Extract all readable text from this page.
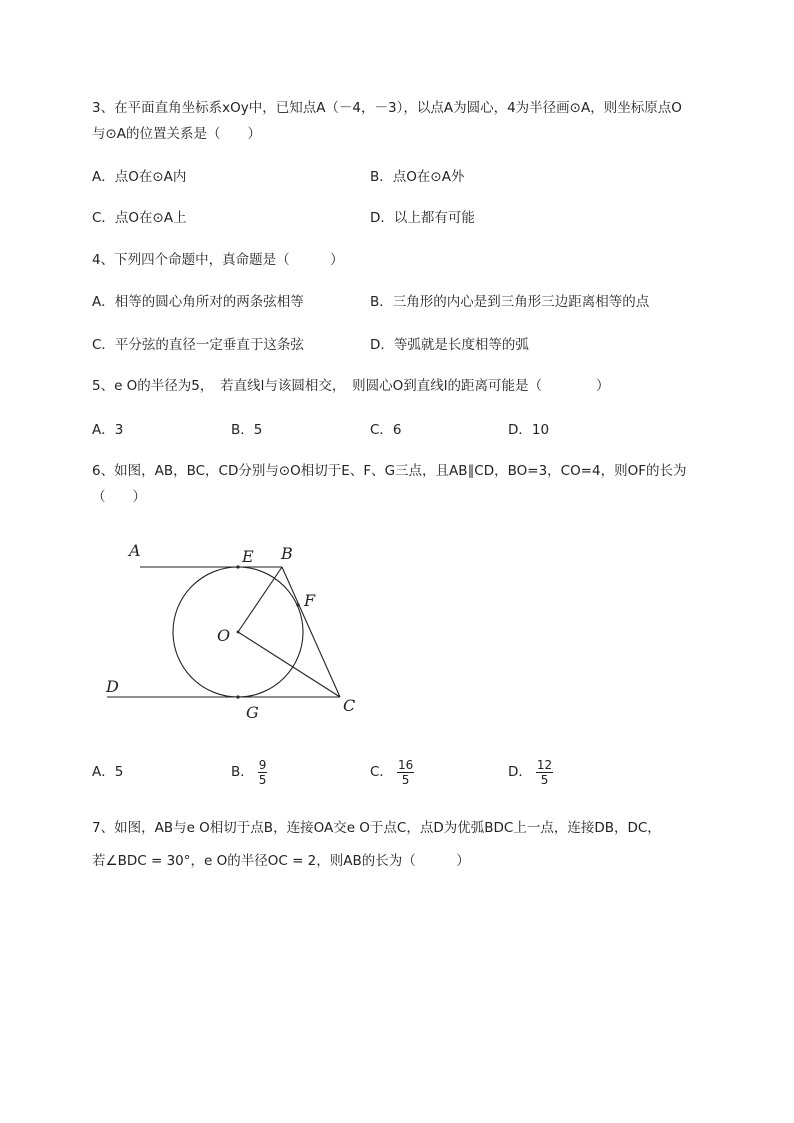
3、在平面直角坐标系xOy中，已知点A（－4，－3），以点A为圆心，4为半径画⊙A，则坐标原点O
与⊙A的位置关系是（　　）
A．点O在⊙A内	B．点O在⊙A外
C．点O在⊙A上	D．以上都有可能
4、下列四个命题中，真命题是（　　　）
A．相等的圆心角所对的两条弦相等	B．三角形的内心是到三角形三边距离相等的点
C．平分弦的直径一定垂直于这条弦	D．等弧就是长度相等的弧
5、e O的半径为5，　若直线l与该圆相交，　则圆心O到直线l的距离可能是（　　　　）
A．3	B．5	C．6	D．10
6、如图，AB，BC，CD分别与⊙O相切于E、F、G三点，且AB∥CD，BO=3，CO=4，则OF的长为
（　　）
A	E B
F
O
D
G	C
A．5	B． $\frac{9}{5}$	C． $\frac{16}{5}$	D． $\frac{12}{5}$
7、如图，AB与e O相切于点B，连接OA交e O于点C，点D为优弧BDC上一点，连接DB，DC，
若∠BDC = 30°，e O的半径OC = 2，则AB的长为（　　　）
